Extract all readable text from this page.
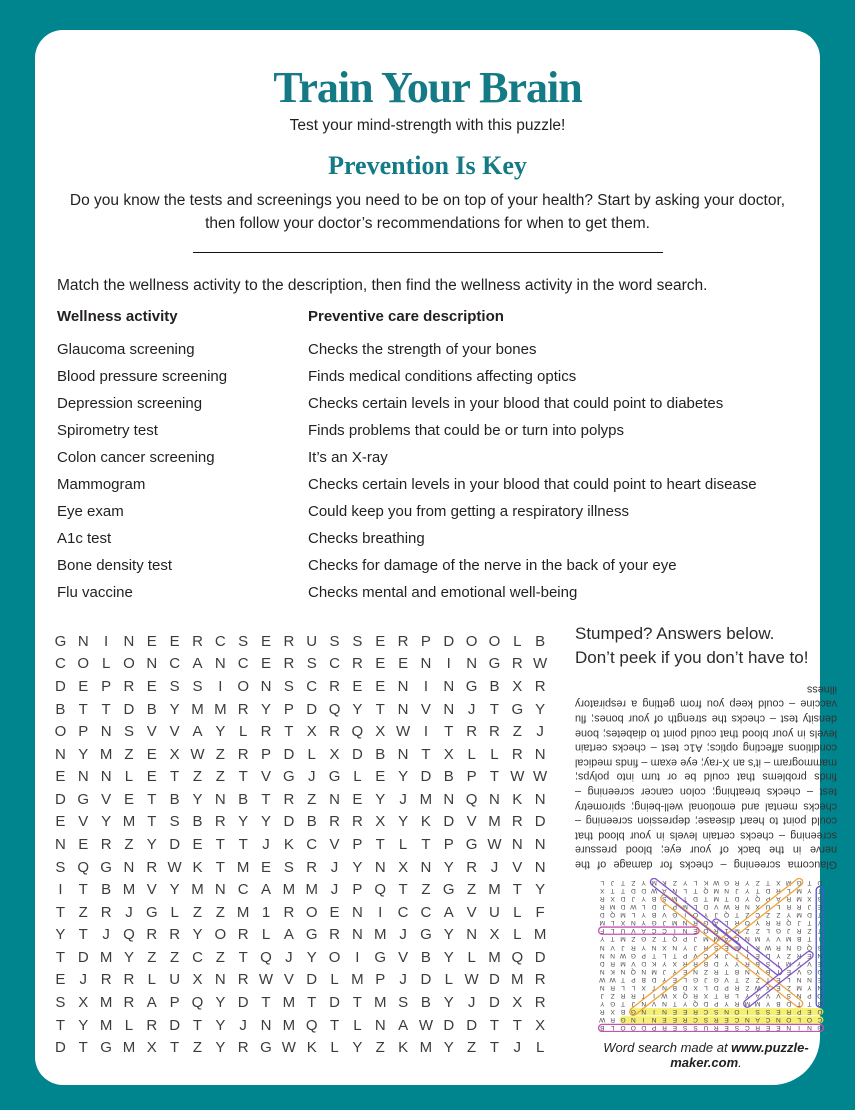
Train Your Brain

Test your mind-strength with this puzzle!

Prevention Is Key

Do you know the tests and screenings you need to be on top of your health? Start by asking your doctor, then follow your doctor’s recommendations for when to get them.

Match the wellness activity to the description, then find the wellness activity in the word search.

Wellness activity	Preventive care description
Glaucoma screening	Checks the strength of your bones
Blood pressure screening	Finds medical conditions affecting optics
Depression screening	Checks certain levels in your blood that could point to diabetes
Spirometry test	Finds problems that could be or turn into polyps
Colon cancer screening	It’s an X-ray
Mammogram	Checks certain levels in your blood that could point to heart disease
Eye exam	Could keep you from getting a respiratory illness
A1c test	Checks breathing
Bone density test	Checks for damage of the nerve in the back of your eye
Flu vaccine	Checks mental and emotional well-being
G N	I	N E E R C S E R U S S E R P D O O L B
C O L O N C A N C E R S C R E E N	I	N G R W
D E P R E S S	I O N S C R E E N	I	N G B X R
B T T D B Y M M R Y P D Q Y T N V N J T G Y
O P N S V V A Y L R T X R Q X W I	T R R Z J
N Y M Z E X W Z R P D L X D B N T X L L R N
E N N L E T Z Z T V G J G L E Y D B P T W W
D G V E T B Y N B T R Z N E Y J M N Q N K N
E V Y M T S B R Y Y D B R R X Y K D V M R D
N E R Z Y D E T T J K C V P T L T P G W N N
S Q G N R W K T M E S R J Y N X N Y R J V N
I	T B M V Y M N C A M M J P Q T Z G Z M T Y
T Z R J G L Z Z M 1 R O E N	I	C C A V U L F
Y T J Q R R Y O R L A G R N M J G Y N X L M
T D M Y Z Z C Z T Q J Y O I G V B Y L M Q D
E J R R L U X N R W V D L M P J D L W D M R
S X M R A P Q Y D T M T D T M S B Y J D X R
T Y M L R D T Y J N M Q T L N A W D D T T X
D T G M X T Z Y R G W K L Y Z K M Y Z T J L

Stumped? Answers below.
Don’t peek if you don’t have to!

Glaucoma screening – checks for damage of the nerve in the back of your eye; blood pressure screening – checks certain levels in your blood that could point to heart disease; depression screening – checks mental and emotional well-being; spirometry test – checks breathing; colon cancer screening – finds problems that could be or turn into polyps; mammogram – it’s an X-ray; eye exam – finds medical conditions affecting optics; A1c test – checks certain levels in your blood that could point to diabetes; bone density test – checks the strength of your bones; flu vaccine – could keep you from getting a respiratory illness
G
N
I
N
E
E
R
C
S
E
R
U
S
S
E
R
P
D
O
O
L
B
C
O
L
O
N
C
A
N
C
E
R
S
C
R
E
E
N
I
N
G
R
W
D
E
P
R
E
S
S
I
O
N
S
C
R
E
E
N
I
N
G
B
X
R
B
T
T
D
B
Y
M
M
R
Y
P
D
Q
Y
T
N
V
N
J
T
G
Y
O
P
N
S
V
V
A
Y
L
R
T
X
R
Q
X
W
I
T
R
R
Z
J
N
Y
M
Z
E
X
W
Z
R
P
D
L
X
D
B
N
T
X
L
L
R
N
E
N
N
L
E
T
Z
Z
T
V
G
J
G
L
E
Y
D
B
P
T
W
W
D
G
V
E
T
B
Y
N
B
T
R
Z
N
E
Y
J
M
N
Q
N
K
N
E
V
Y
M
T
S
B
R
Y
Y
D
B
R
R
X
Y
K
D
V
M
R
D
N
E
R
Z
Y
D
E
T
T
J
K
C
V
P
T
L
T
P
G
W
N
N
S
Q
G
N
R
W
K
T
M
E
S
R
J
Y
N
X
N
Y
R
J
V
N
I
T
B
M
V
Y
M
N
C
A
M
M
J
P
Q
T
Z
G
Z
M
T
Y
T
Z
R
J
G
L
Z
Z
M
1
R
O
E
N
I
C
C
A
V
U
L
F
Y
T
J
Q
R
R
Y
O
R
L
A
G
R
N
M
J
G
Y
N
X
L
M
T
D
M
Y
Z
Z
C
Z
T
Q
J
Y
O
I
G
V
B
Y
L
M
Q
D
E
J
R
R
L
U
X
N
R
W
V
D
L
M
P
J
D
L
W
D
M
R
S
X
M
R
A
P
Q
Y
D
T
M
T
D
T
M
S
B
Y
J
D
X
R
T
Y
M
L
R
D
T
Y
J
N
M
Q
T
L
N
A
W
D
D
T
T
X
D
T
G
M
X
T
Z
Y
R
G
W
K
L
Y
Z
K
M
Y
Z
T
J
L

Word search made at www.puzzle-maker.com.
